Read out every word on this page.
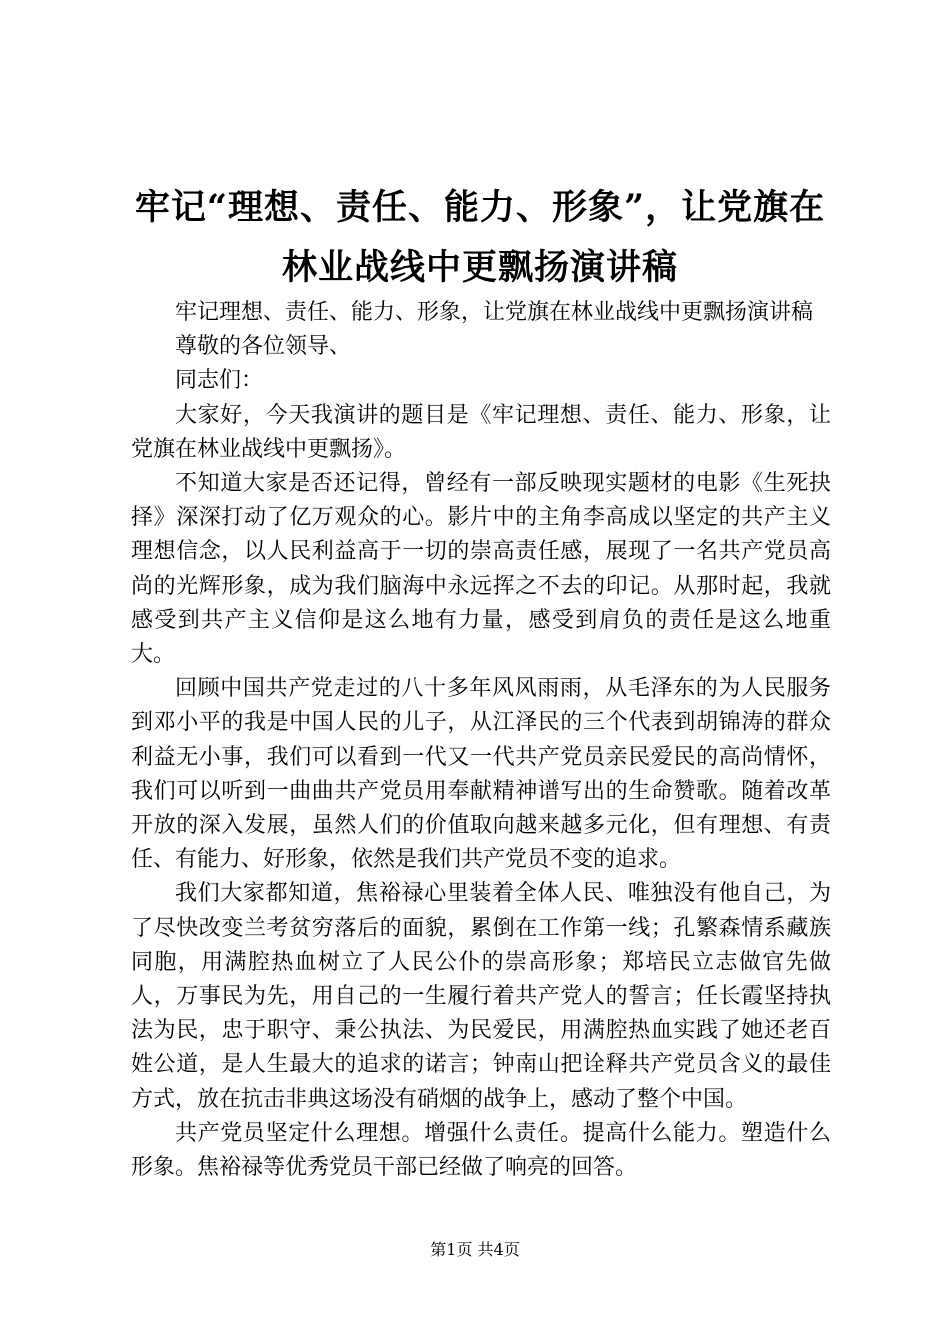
牢记“理想、责任、能力、形象”，让党旗在
林业战线中更飘扬演讲稿

牢记理想、责任、能力、形象，让党旗在林业战线中更飘扬演讲稿

尊敬的各位领导、

同志们：

大家好，今天我演讲的题目是《牢记理想、责任、能力、形象，让党旗在林业战线中更飘扬》。

不知道大家是否还记得，曾经有一部反映现实题材的电影《生死抉择》深深打动了亿万观众的心。影片中的主角李高成以坚定的共产主义理想信念，以人民利益高于一切的崇高责任感，展现了一名共产党员高尚的光辉形象，成为我们脑海中永远挥之不去的印记。从那时起，我就感受到共产主义信仰是这么地有力量，感受到肩负的责任是这么地重大。

回顾中国共产党走过的八十多年风风雨雨，从毛泽东的为人民服务到邓小平的我是中国人民的儿子，从江泽民的三个代表到胡锦涛的群众利益无小事，我们可以看到一代又一代共产党员亲民爱民的高尚情怀，我们可以听到一曲曲共产党员用奉献精神谱写出的生命赞歌。随着改革开放的深入发展，虽然人们的价值取向越来越多元化，但有理想、有责任、有能力、好形象，依然是我们共产党员不变的追求。

我们大家都知道，焦裕禄心里装着全体人民、唯独没有他自己，为了尽快改变兰考贫穷落后的面貌，累倒在工作第一线；孔繁森情系藏族同胞，用满腔热血树立了人民公仆的崇高形象；郑培民立志做官先做人，万事民为先，用自己的一生履行着共产党人的誓言；任长霞坚持执法为民，忠于职守、秉公执法、为民爱民，用满腔热血实践了她还老百姓公道，是人生最大的追求的诺言；钟南山把诠释共产党员含义的最佳方式，放在抗击非典这场没有硝烟的战争上，感动了整个中国。

共产党员坚定什么理想。增强什么责任。提高什么能力。塑造什么形象。焦裕禄等优秀党员干部已经做了响亮的回答。

第1页 共4页
